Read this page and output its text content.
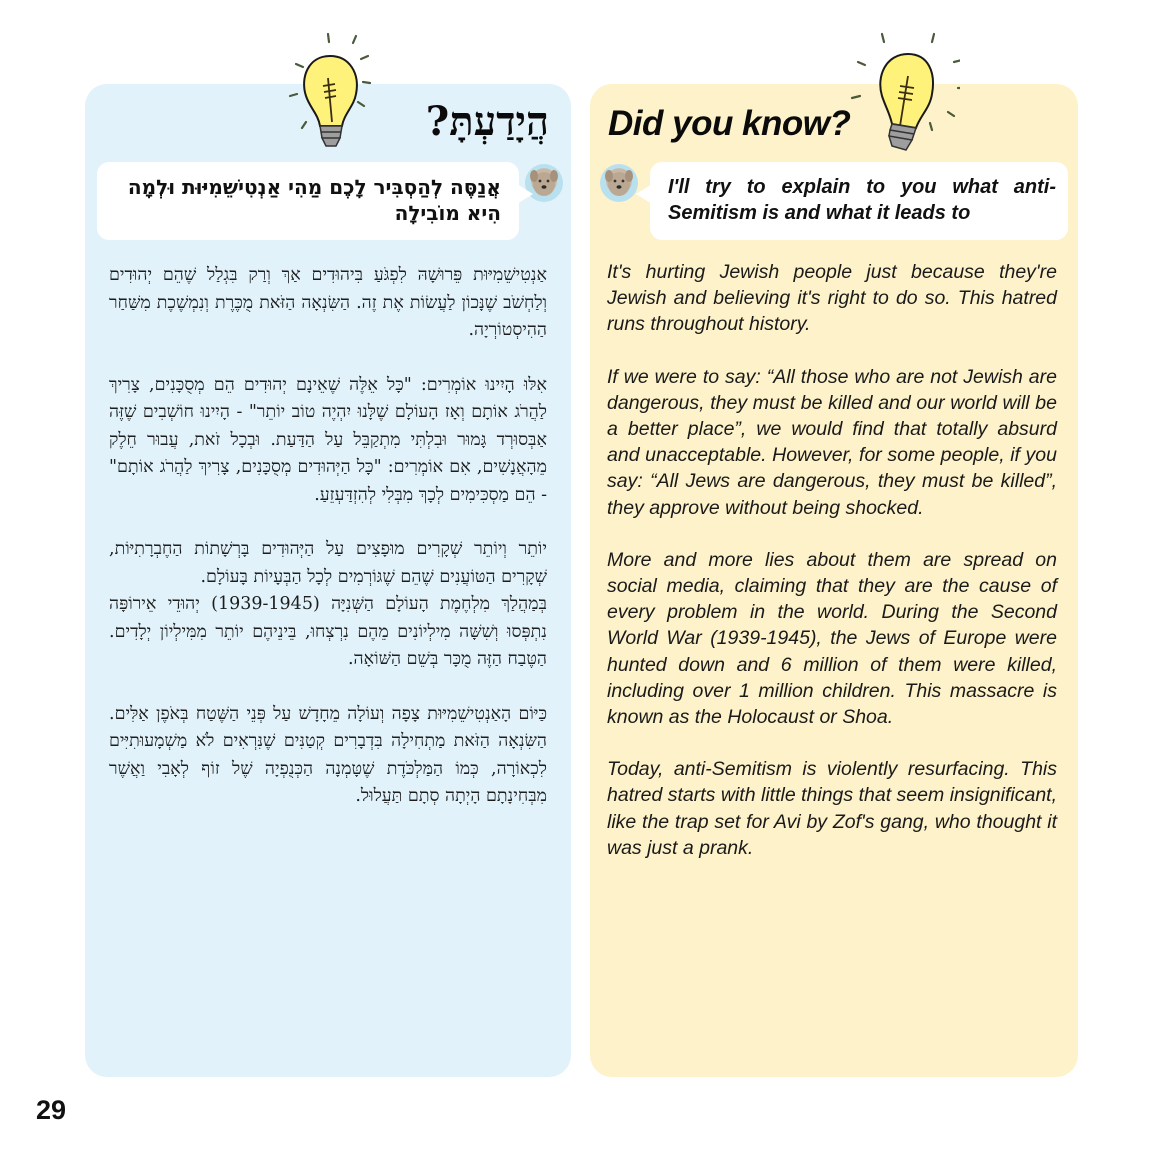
הֲיָדַעְתָּ?
אֲנַסֶּה לְהַסְבִּיר לָכֶם מַהִי אַנְטִישֵׁמִיּוּת וּלְמָה הִיא מוֹבִילָה

אַנְטִישֵׁמִיּוּת פֵּרוּשָׁהּ לִפְגֹּעַ בִּיהוּדִים אַךְ וְרַק בִּגְלַל שֶׁהֵם יְהוּדִים וְלַחְשֹׁב שֶׁנָּכוֹן לַעֲשׂוֹת אֶת זֶה. הַשִּׂנְאָה הַזֹּאת מֻכֶּרֶת וְנִמְשֶׁכֶת מִשַּׁחַר הַהִיסְטוֹרְיָה.

אִלּוּ הָיִינוּ אוֹמְרִים: "כָּל אֵלֶּה שֶׁאֵינָם יְהוּדִים הֵם מְסֻכָּנִים, צָרִיךְ לַהֲרֹג אוֹתָם וְאָז הָעוֹלָם שֶׁלָּנוּ יִהְיֶה טוֹב יוֹתֵר" - הָיִינוּ חוֹשְׁבִים שֶׁזֶּה אַבְּסוּרְד גָּמוּר וּבִלְתִּי מִתְקַבֵּל עַל הַדַּעַת. וּבְכָל זֹאת, עֲבוּר חֵלֶק מֵהָאֲנָשִׁים, אִם אוֹמְרִים: "כָּל הַיְּהוּדִים מְסֻכָּנִים, צָרִיךְ לַהֲרֹג אוֹתָם" - הֵם מַסְכִּימִים לְכָךְ מִבְּלִי לְהִזְדַּעְזֵעַ.

יוֹתֵר וְיוֹתֵר שְׁקָרִים מוּפָצִים עַל הַיְּהוּדִים בָּרְשָׁתוֹת הַחֶבְרָתִיּוֹת, שְׁקָרִים הַטּוֹעֲנִים שֶׁהֵם שֶׁגּוֹרְמִים לְכָל הַבְּעָיוֹת בָּעוֹלָם.

בְּמַהֲלַךְ מִלְחֶמֶת הָעוֹלָם הַשְּׁנִיָּה (1939-1945) יְהוּדֵי אֵירוֹפָּה נִתְפְּסוּ וְשִׁשָּׁה מִילְיוֹנִים מֵהֶם נִרְצְחוּ, בֵּינֵיהֶם יוֹתֵר מִמִּילְיוֹן יְלָדִים. הַטֶּבַח הַזֶּה מֻכָּר בְּשֵׁם הַשּׁוֹאָה.

כַּיּוֹם הָאַנְטִישֵׁמִיּוּת צָפָה וְעוֹלָה מֵחָדָשׁ עַל פְּנֵי הַשֶּׁטַח בְּאֹפֶן אַלִּים. הַשִּׂנְאָה הַזֹּאת מַתְחִילָה בִּדְבָרִים קְטַנִּים שֶׁנִּרְאִים לֹא מַשְׁמָעוּתִיִּים לִכְאוֹרָה, כְּמוֹ הַמַּלְכֹּדֶת שֶׁטָּמְנָה הַכְּנֻפְיָה שֶׁל זוֹף לְאָבִי וַאֲשֶׁר מִבְּחִינָתָם הָיְתָה סְתָם תַּעֲלוּל.

Did you know?
I'll try to explain to you what anti-Semitism is and what it leads to

It's hurting Jewish people just because they're Jewish and believing it's right to do so. This hatred runs throughout history.

If we were to say: “All those who are not Jewish are dangerous, they must be killed and our world will be a better place”, we would find that totally absurd and unacceptable. However, for some people, if you say: “All Jews are dangerous, they must be killed”, they approve without being shocked.

More and more lies about them are spread on social media, claiming that they are the cause of every problem in the world. During the Second World War (1939-1945), the Jews of Europe were hunted down and 6 million of them were killed, including over 1 million children. This massacre is known as the Holocaust or Shoa.

Today, anti-Semitism is violently resurfacing. This hatred starts with little things that seem insignificant, like the trap set for Avi by Zof's gang, who thought it was just a prank.

29
